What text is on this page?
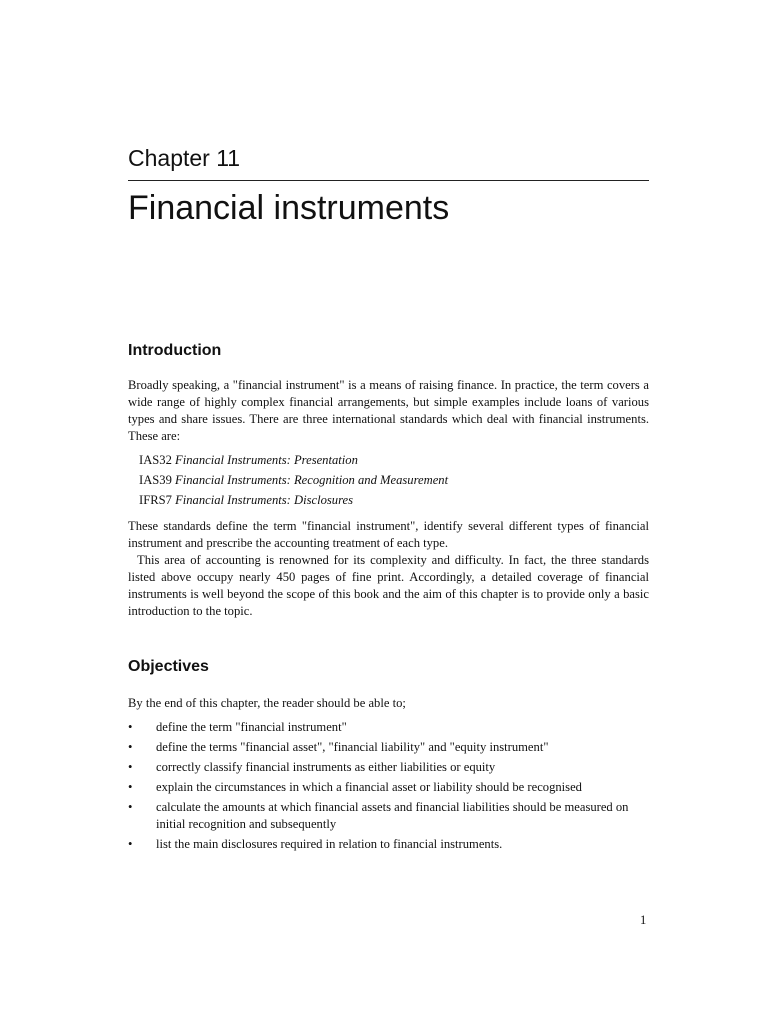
Chapter 11
Financial instruments
Introduction

Broadly speaking, a "financial instrument" is a means of raising finance. In practice, the term covers a wide range of highly complex financial arrangements, but simple examples include loans of various types and share issues. There are three international standards which deal with financial instruments. These are:

IAS32 Financial Instruments: Presentation
IAS39 Financial Instruments: Recognition and Measurement
IFRS7 Financial Instruments: Disclosures

These standards define the term "financial instrument", identify several different types of financial instrument and prescribe the accounting treatment of each type.

This area of accounting is renowned for its complexity and difficulty. In fact, the three standards listed above occupy nearly 450 pages of fine print. Accordingly, a detailed coverage of financial instruments is well beyond the scope of this book and the aim of this chapter is to provide only a basic introduction to the topic.

Objectives

By the end of this chapter, the reader should be able to;

• define the term "financial instrument"
• define the terms "financial asset", "financial liability" and "equity instrument"
• correctly classify financial instruments as either liabilities or equity
• explain the circumstances in which a financial asset or liability should be recognised
• calculate the amounts at which financial assets and financial liabilities should be measured on initial recognition and subsequently
• list the main disclosures required in relation to financial instruments.
1
